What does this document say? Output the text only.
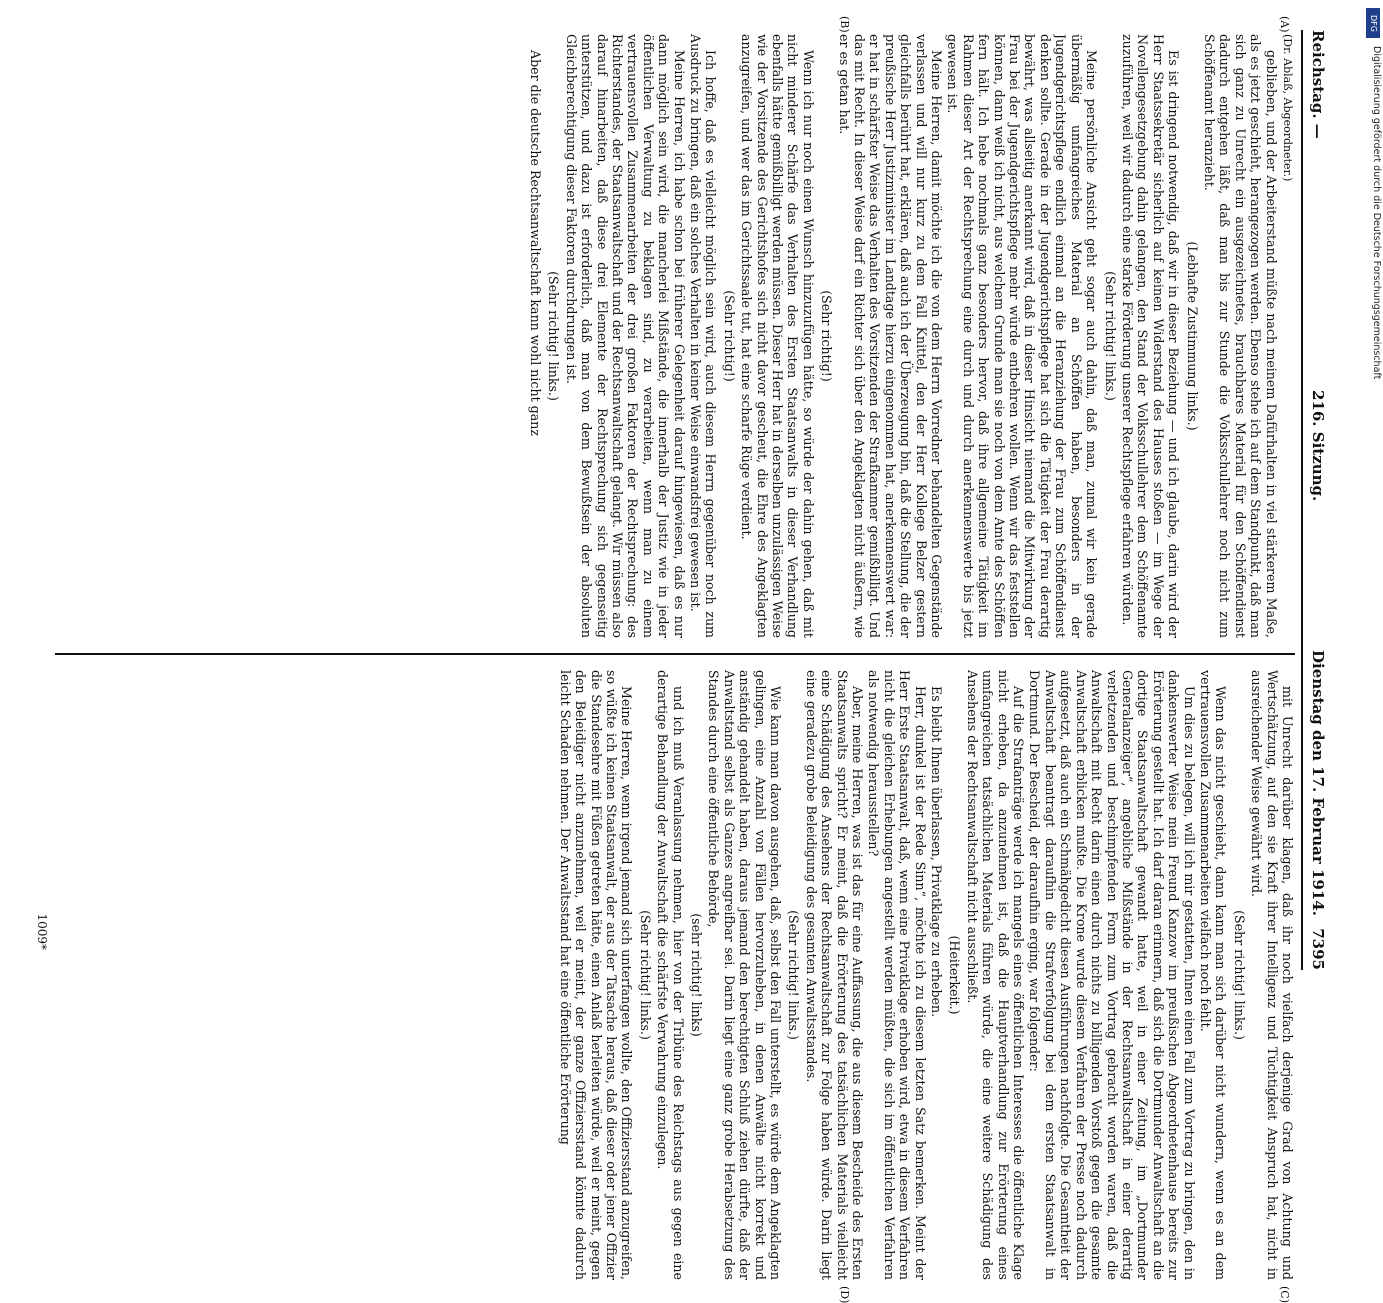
Reichstag. —
216. Sitzung.
Dienstag den 17. Februar 1914.
7395

(Dr. Ablaß, Abgeordneter.)

geblieben, und der Arbeiterstand müßte nach meinem Dafürhalten in viel stärkerem Maße, als es jetzt geschieht, herangezogen werden. Ebenso stehe ich auf dem Standpunkt, daß man sich ganz zu Unrecht ein ausgezeichnetes, brauchbares Material für den Schöffendienst dadurch entgehen läßt, daß man bis zur Stunde die Volksschullehrer noch nicht zum Schöffenamt heranzieht.

(Lebhafte Zustimmung links.)

Es ist dringend notwendig, daß wir in dieser Beziehung — und ich glaube, darin wird der Herr Staatssekretär sicherlich auf keinen Widerstand des Hauses stoßen — im Wege der Novellengesetzgebung dahin gelangen, den Stand der Volksschullehrer dem Schöffenamte zuzuführen, weil wir dadurch eine starke Förderung unserer Rechtspflege erfahren würden.

(Sehr richtig! links.)

Meine persönliche Ansicht geht sogar auch dahin, daß man, zumal wir kein gerade übermäßig umfangreiches Material an Schöffen haben, besonders in der Jugendgerichtspflege endlich einmal an die Heranziehung der Frau zum Schöffendienst denken sollte. Gerade in der Jugendgerichtspflege hat sich die Tätigkeit der Frau derartig bewährt, was allseitig anerkannt wird, daß in dieser Hinsicht niemand die Mitwirkung der Frau bei der Jugendgerichtspflege mehr würde entbehren wollen. Wenn wir das feststellen können, dann weiß ich nicht, aus welchem Grunde man sie noch von dem Amte des Schöffen fern hält. Ich hebe nochmals ganz besonders hervor, daß ihre allgemeine Tätigkeit im Rahmen dieser Art der Rechtsprechung eine durch und durch anerkennenswerte bis jetzt gewesen ist.

Meine Herren, damit möchte ich die von dem Herrn Vorredner behandelten Gegenstände verlassen und will nur kurz zu dem Fall Knittel, den der Herr Kollege Belzer gestern gleichfalls berührt hat, erklären, daß auch ich der Überzeugung bin, daß die Stellung, die der preußische Herr Justizminister im Landtage hierzu eingenommen hat, anerkennenswert war: er hat in schärfster Weise das Verhalten des Vorsitzenden der Strafkammer gemißbilligt. Und das mit Recht. In dieser Weise darf ein Richter sich über den Angeklagten nicht äußern, wie er es getan hat.

(Sehr richtig!)

Wenn ich nur noch einen Wunsch hinzuzufügen hätte, so würde der dahin gehen, daß mit nicht minderer Schärfe das Verhalten des Ersten Staatsanwalts in dieser Verhandlung ebenfalls hätte gemißbilligt werden müssen. Dieser Herr hat in derselben unzulässigen Weise wie der Vorsitzende des Gerichtshofes sich nicht davor gescheut, die Ehre des Angeklagten anzugreifen, und wer das im Gerichtssaale tut, hat eine scharfe Rüge verdient.

(Sehr richtig!)

Ich hoffe, daß es vielleicht möglich sein wird, auch diesem Herrn gegenüber noch zum Ausdruck zu bringen, daß ein solches Verhalten in keiner Weise einwandsfrei gewesen ist.

Meine Herren, ich habe schon bei früherer Gelegenheit darauf hingewiesen, daß es nur dann möglich sein wird, die mancherlei Mißstände, die innerhalb der Justiz wie in jeder öffentlichen Verwaltung zu beklagen sind, zu verarbeiten, wenn man zu einem vertrauensvollen Zusammenarbeiten der drei großen Faktoren der Rechtsprechung: des Richterstandes, der Staatsanwaltschaft und der Rechtsanwaltschaft gelangt. Wir müssen also darauf hinarbeiten, daß diese drei Elemente der Rechtsprechung sich gegenseitig unterstützen, und dazu ist erforderlich, daß man von dem Bewußtsein der absoluten Gleichberechtigung dieser Faktoren durchdrungen ist.

(Sehr richtig! links.)

Aber die deutsche Rechtsanwaltschaft kann wohl nicht ganz

mit Unrecht darüber klagen, daß ihr noch vielfach derjenige Grad von Achtung und Wertschätzung, auf den sie Kraft ihrer Intelligenz und Tüchtigkeit Anspruch hat, nicht in ausreichender Weise gewährt wird.

(Sehr richtig! links.)

Wenn das nicht geschieht, dann kann man sich darüber nicht wundern, wenn es an dem vertrauensvollen Zusammenarbeiten vielfach noch fehlt.

Um dies zu belegen, will ich mir gestatten, Ihnen einen Fall zum Vortrag zu bringen, den in dankenswerter Weise mein Freund Kanzow im preußischen Abgeordnetenhause bereits zur Erörterung gestellt hat. Ich darf daran erinnern, daß sich die Dortmunder Anwaltschaft an die dortige Staatsanwaltschaft gewandt hatte, weil in einer Zeitung, im „Dortmunder Generalanzeiger“, angebliche Mißstände in der Rechtsanwaltschaft in einer derartig verletzenden und beschimpfenden Form zum Vortrag gebracht worden waren, daß die Anwaltschaft mit Recht darin einen durch nichts zu billigenden Vorstoß gegen die gesamte Anwaltschaft erblicken mußte. Die Krone wurde diesem Verfahren der Presse noch dadurch aufgesetzt, daß auch ein Schmähgedicht diesen Ausführungen nachfolgte. Die Gesamtheit der Anwaltschaft beantragt daraufhin die Strafverfolgung bei dem ersten Staatsanwalt in Dortmund. Der Bescheid, der daraufhin erging, war folgender:

Auf die Strafanträge werde ich mangels eines öffentlichen Interesses die öffentliche Klage nicht erheben, da anzunehmen ist, daß die Hauptverhandlung zur Erörterung eines umfangreichen tatsächlichen Materials führen würde, die eine weitere Schädigung des Ansehens der Rechtsanwaltschaft nicht ausschließt.

(Heiterkeit.)

Es bleibt Ihnen überlassen, Privatklage zu erheben.

Herr, dunkel ist der Rede Sinn“, möchte ich zu diesem letzten Satz bemerken. Meint der Herr Erste Staatsanwalt, daß, wenn eine Privatklage erhoben wird, etwa in diesem Verfahren nicht die gleichen Erhebungen angestellt werden müßten, die sich im öffentlichen Verfahren als notwendig herausstellen?

Aber, meine Herren, was ist das für eine Auffassung, die aus diesem Bescheide des Ersten Staatsanwalts spricht? Er meint, daß die Erörterung des tatsächlichen Materials vielleicht eine Schädigung des Ansehens der Rechtsanwaltschaft zur Folge haben würde. Darin liegt eine geradezu grobe Beleidigung des gesamten Anwaltsstandes.

(Sehr richtig! links.)

Wie kann man davon ausgehen, daß, selbst den Fall unterstellt, es würde dem Angeklagten gelingen, eine Anzahl von Fällen hervorzuheben, in denen Anwälte nicht korrekt und anständig gehandelt haben, daraus jemand den berechtigten Schluß ziehen dürfte, daß der Anwaltstand selbst als Ganzes angreifbar sei. Darin liegt eine ganz grobe Herabsetzung des Standes durch eine öffentliche Behörde,

(sehr richtig! links)

und ich muß Veranlassung nehmen, hier von der Tribüne des Reichstags aus gegen eine derartige Behandlung der Anwaltschaft die schärfste Verwahrung einzulegen.

(Sehr richtig! links.)

Meine Herren, wenn irgend jemand sich unterfangen wollte, den Offiziersstand anzugreifen, so wüßte ich keinen Staatsanwalt, der aus der Tatsache heraus, daß dieser oder jener Offizier die Standesehre mit Füßen getreten hätte, einen Anlaß herleiten würde, weil er meint, gegen den Beleidiger nicht anzunehmen, weil er meint, der ganze Offiziersstand könnte dadurch leicht Schaden nehmen. Der Anwaltsstand hat eine öffentliche Erörterung

(A)
(B)
(C)
(D)
1009*
DFG
Digitalisierung gefördert durch die Deutsche Forschungsgemeinschaft
